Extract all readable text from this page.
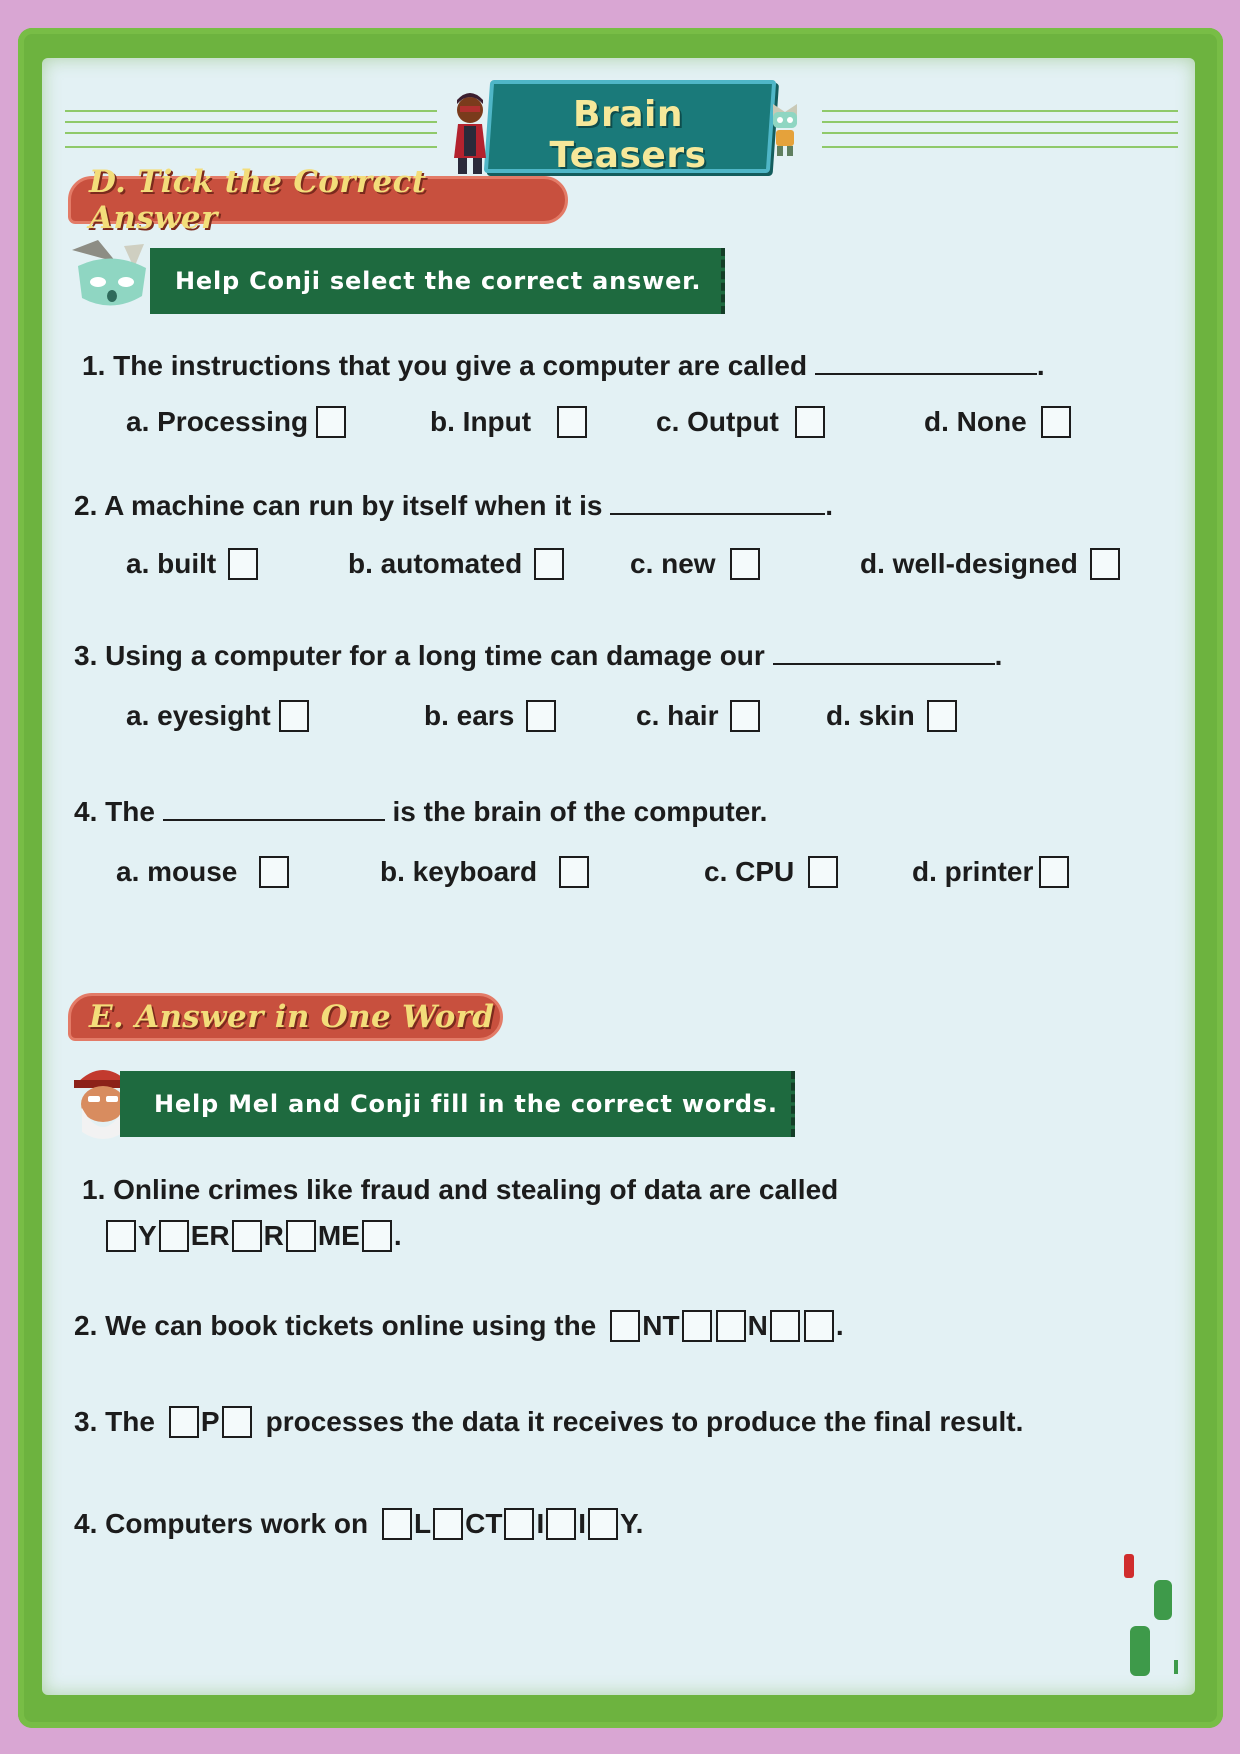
Brain Teasers
D. Tick the Correct Answer
Help Conji select the correct answer.
1. The instructions that you give a computer are called	.
a. Processing	b. Input	c. Output	d. None
2. A machine can run by itself when it is	.
a. built	b. automated	c. new	d. well-designed
3. Using a computer for a long time can damage our	.
a. eyesight	b. ears	c. hair	d. skin
4. The	is the brain of the computer.
a. mouse	b. keyboard	c. CPU	d. printer
E. Answer in One Word
Help Mel and Conji fill in the correct words.
1. Online crimes like fraud and stealing of data are called
Y ER R ME .
2. We can book tickets online using the NT N .
3. The P processes the data it receives to produce the final result.
4. Computers work on L CT I I Y.
